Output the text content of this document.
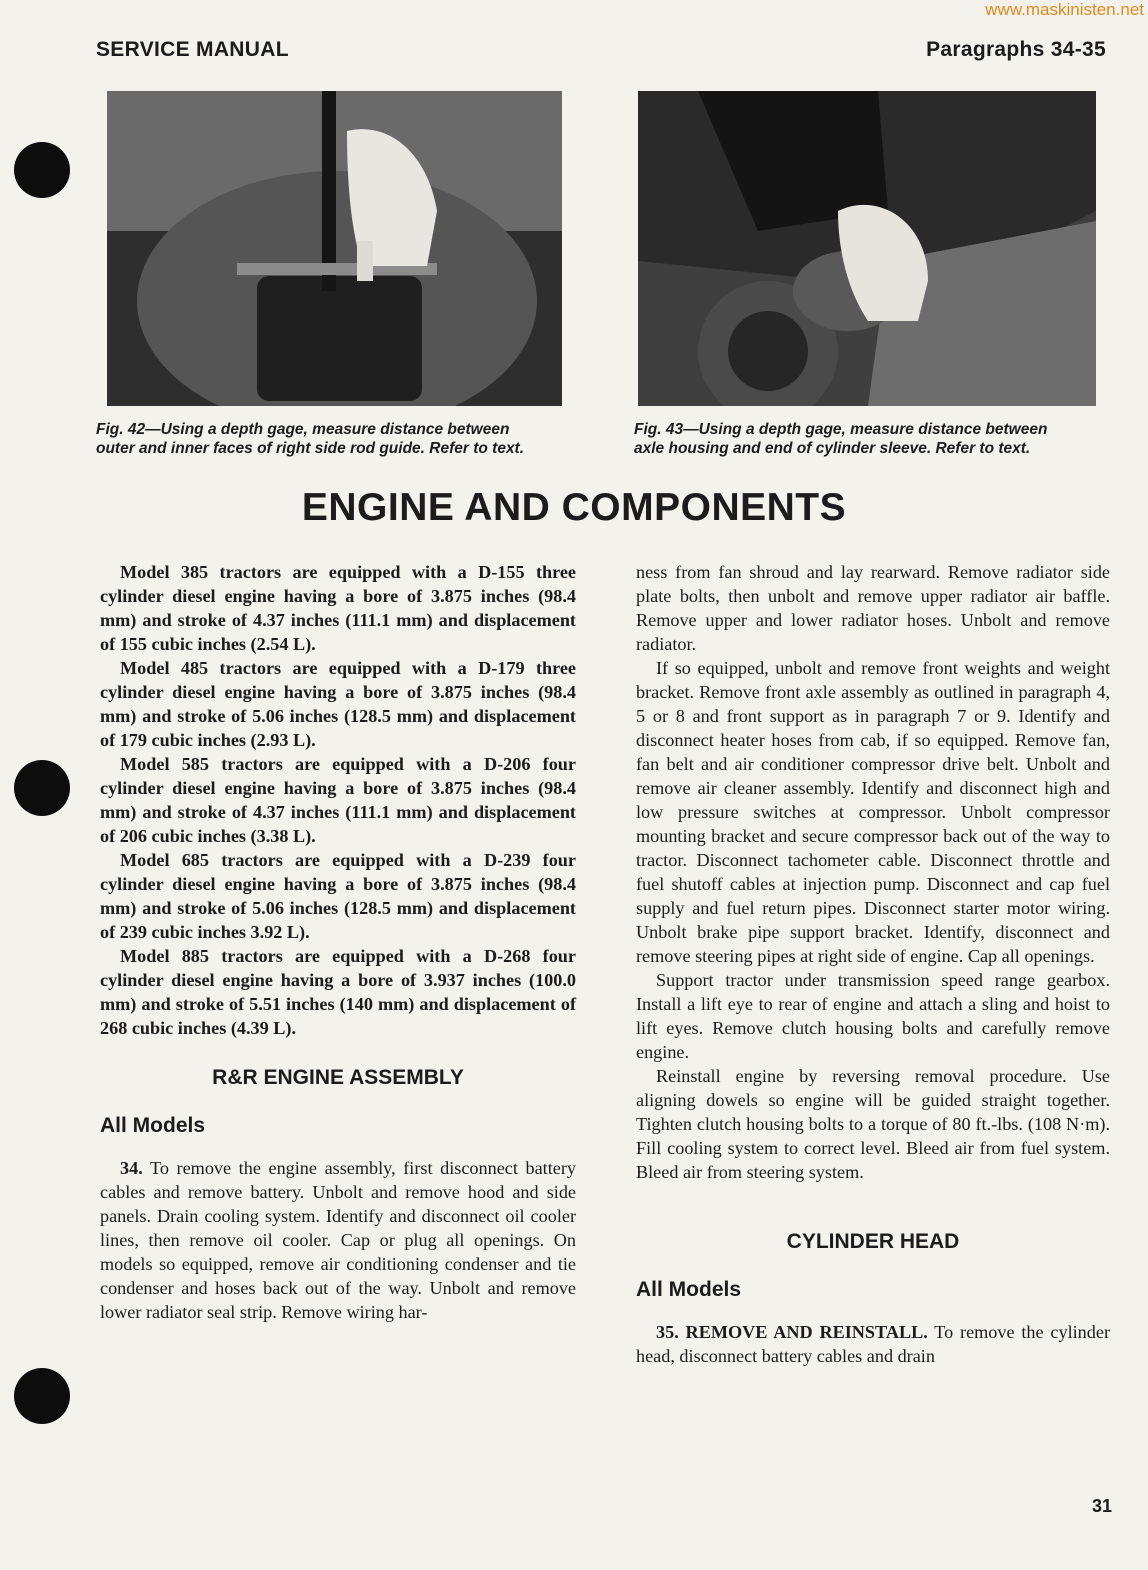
www.maskinisten.net
SERVICE MANUAL	Paragraphs 34-35
Fig. 42—Using a depth gage, measure distance between
outer and inner faces of right side rod guide. Refer to text.
Fig. 43—Using a depth gage, measure distance between
axle housing and end of cylinder sleeve. Refer to text.
ENGINE AND COMPONENTS

Model 385 tractors are equipped with a D-155 three cylinder diesel engine having a bore of 3.875 inches (98.4 mm) and stroke of 4.37 inches (111.1 mm) and displacement of 155 cubic inches (2.54 L).

Model 485 tractors are equipped with a D-179 three cylinder diesel engine having a bore of 3.875 inches (98.4 mm) and stroke of 5.06 inches (128.5 mm) and displacement of 179 cubic inches (2.93 L).

Model 585 tractors are equipped with a D-206 four cylinder diesel engine having a bore of 3.875 inches (98.4 mm) and stroke of 4.37 inches (111.1 mm) and displacement of 206 cubic inches (3.38 L).

Model 685 tractors are equipped with a D-239 four cylinder diesel engine having a bore of 3.875 inches (98.4 mm) and stroke of 5.06 inches (128.5 mm) and displacement of 239 cubic inches 3.92 L).

Model 885 tractors are equipped with a D-268 four cylinder diesel engine having a bore of 3.937 inches (100.0 mm) and stroke of 5.51 inches (140 mm) and displacement of 268 cubic inches (4.39 L).

R&R ENGINE ASSEMBLY
All Models

34. To remove the engine assembly, first disconnect battery cables and remove battery. Unbolt and remove hood and side panels. Drain cooling system. Identify and disconnect oil cooler lines, then remove oil cooler. Cap or plug all openings. On models so equipped, remove air conditioning condenser and tie condenser and hoses back out of the way. Unbolt and remove lower radiator seal strip. Remove wiring har-

ness from fan shroud and lay rearward. Remove radiator side plate bolts, then unbolt and remove upper radiator air baffle. Remove upper and lower radiator hoses. Unbolt and remove radiator.

If so equipped, unbolt and remove front weights and weight bracket. Remove front axle assembly as outlined in paragraph 4, 5 or 8 and front support as in paragraph 7 or 9. Identify and disconnect heater hoses from cab, if so equipped. Remove fan, fan belt and air conditioner compressor drive belt. Unbolt and remove air cleaner assembly. Identify and disconnect high and low pressure switches at compressor. Unbolt compressor mounting bracket and secure compressor back out of the way to tractor. Disconnect tachometer cable. Disconnect throttle and fuel shutoff cables at injection pump. Disconnect and cap fuel supply and fuel return pipes. Disconnect starter motor wiring. Unbolt brake pipe support bracket. Identify, disconnect and remove steering pipes at right side of engine. Cap all openings.

Support tractor under transmission speed range gearbox. Install a lift eye to rear of engine and attach a sling and hoist to lift eyes. Remove clutch housing bolts and carefully remove engine.

Reinstall engine by reversing removal procedure. Use aligning dowels so engine will be guided straight together. Tighten clutch housing bolts to a torque of 80 ft.-lbs. (108 N·m). Fill cooling system to correct level. Bleed air from fuel system. Bleed air from steering system.

CYLINDER HEAD
All Models

35. REMOVE AND REINSTALL. To remove the cylinder head, disconnect battery cables and drain

31
